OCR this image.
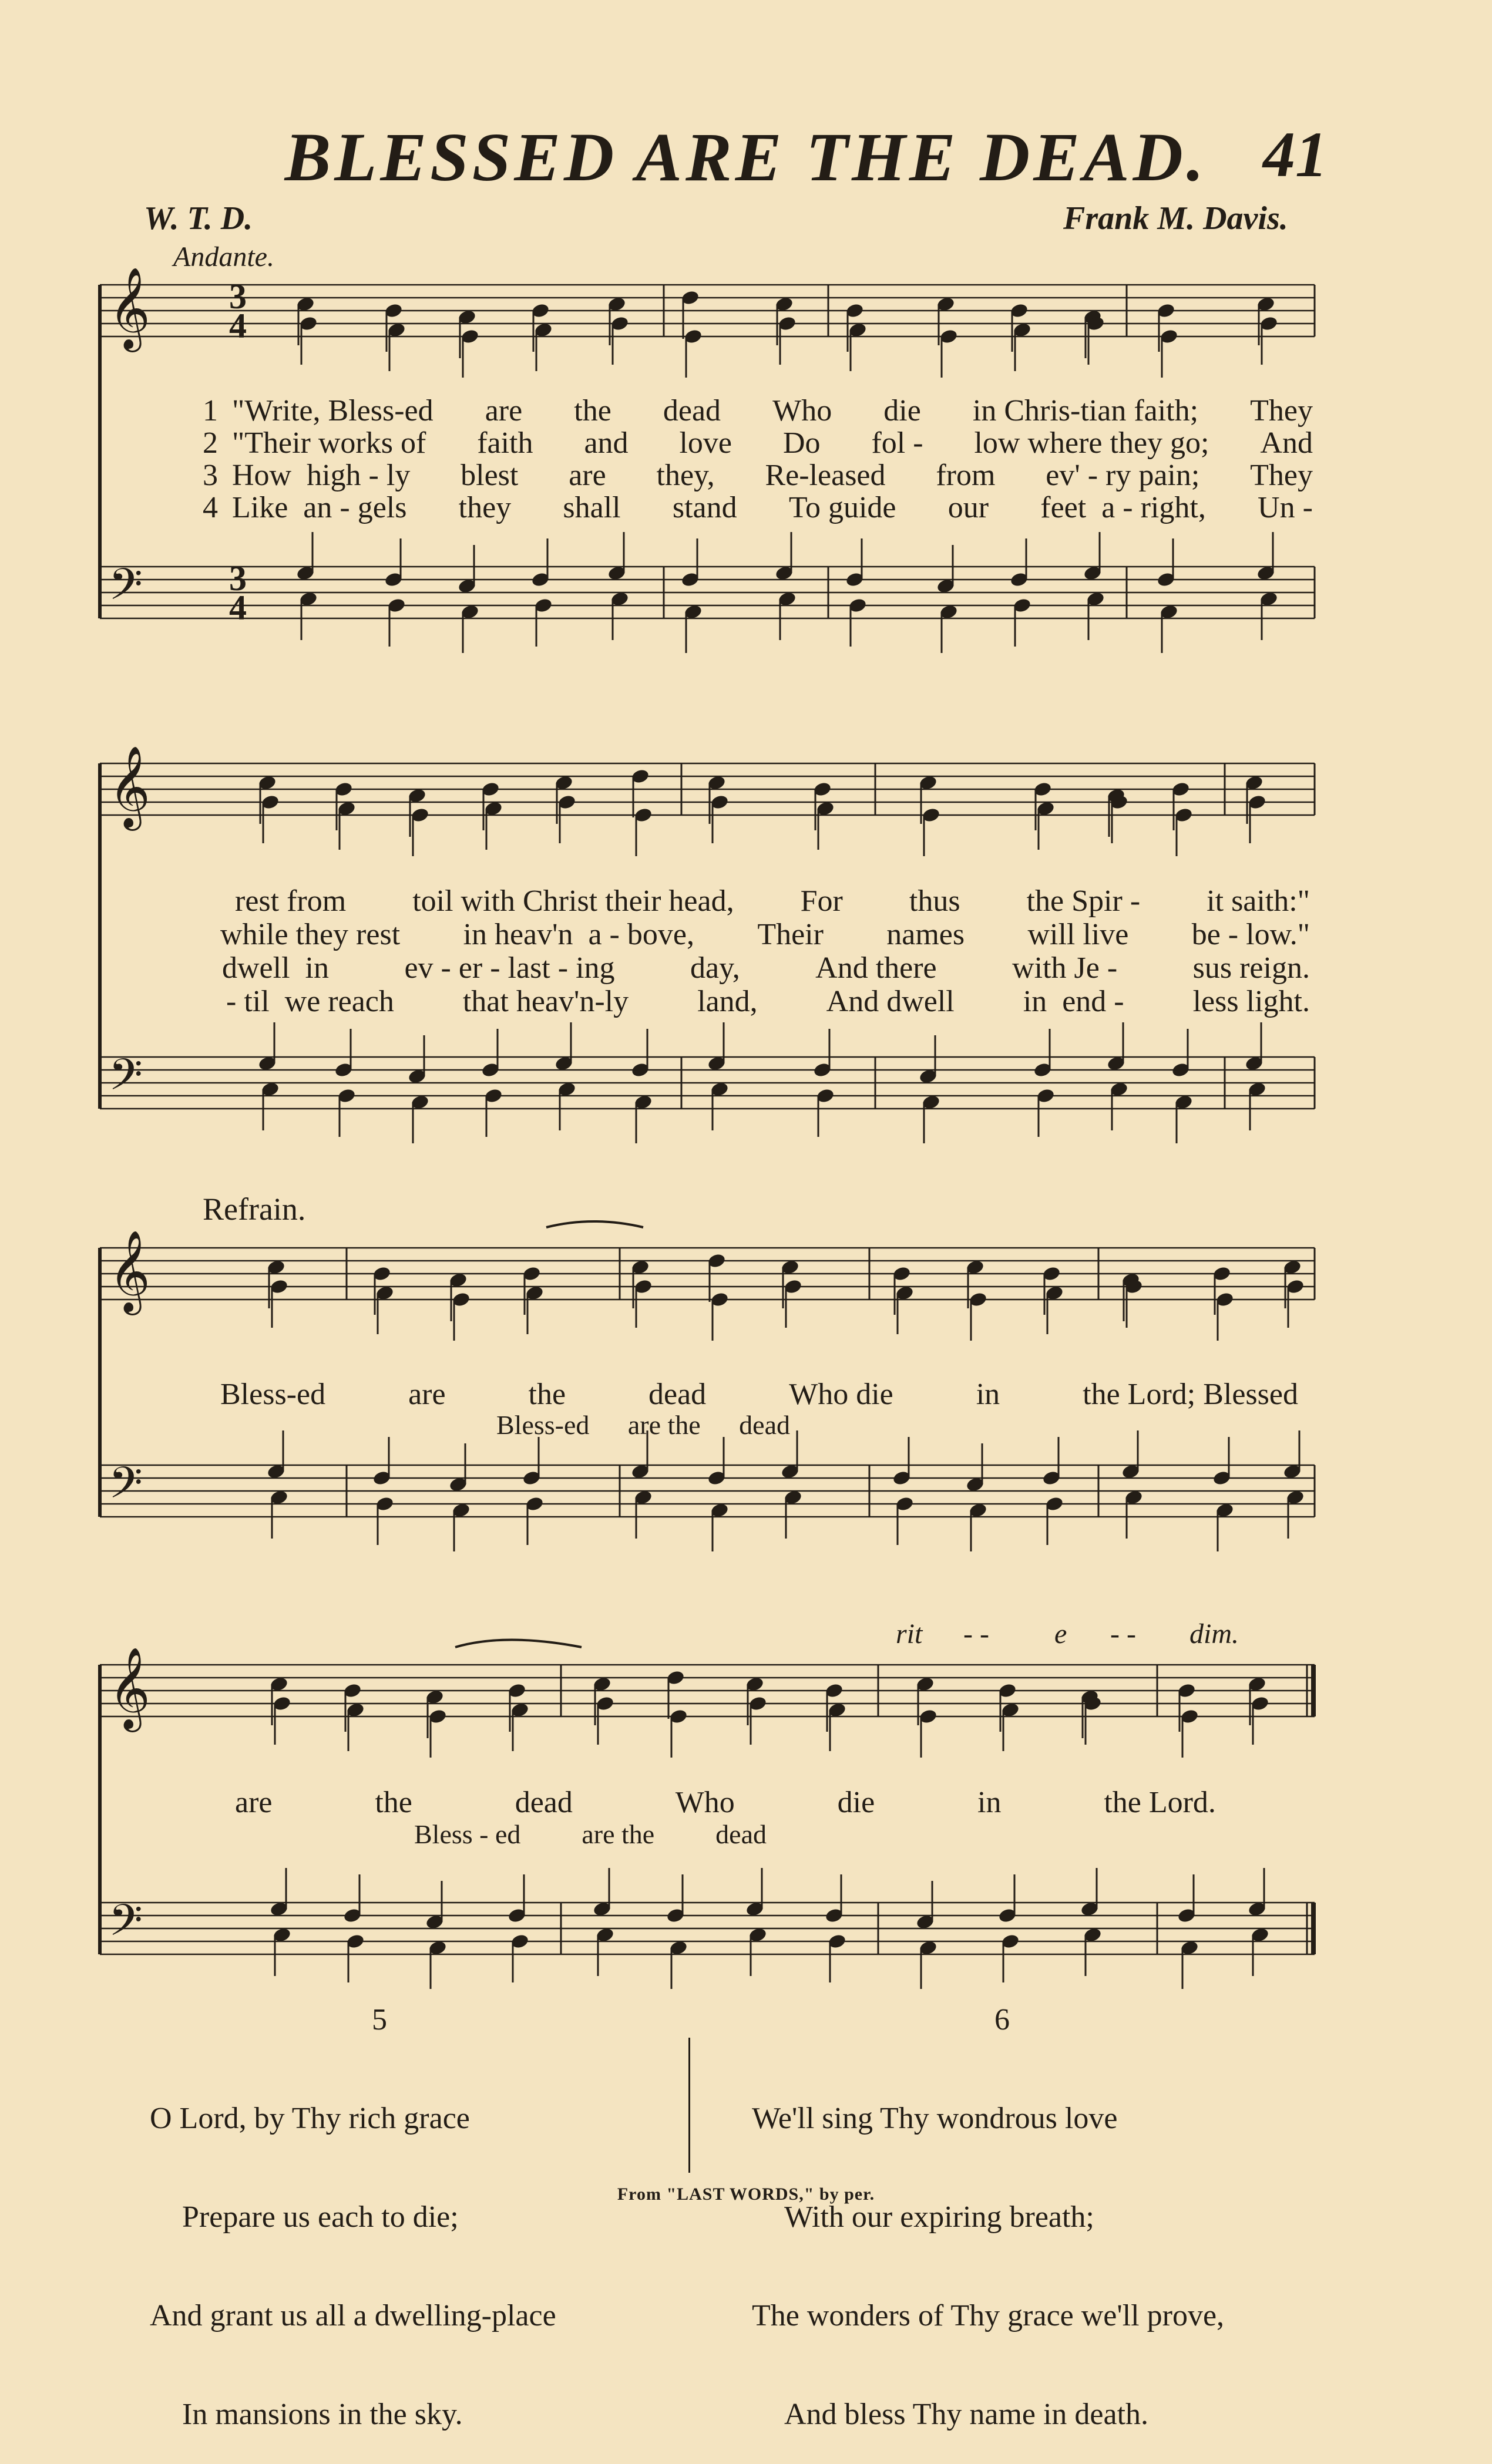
BLESSED ARE THE DEAD. 41
W. T. D.	Frank M. Davis.
Andante.
𝄞
𝄢
3
4
3
4
𝄞
𝄢
𝄞
𝄢
𝄞
𝄢
1
2
3
4
"Write, Bless-ed are the dead Who die in Chris-tian faith; They
"Their works of faith and love Do fol - low where they go; And
How  high - ly blest are they, Re-leased from ev' - ry pain; They
Like  an - gels they shall stand To guide our feet  a - right, Un -
rest from toil with Christ their head, For thus the Spir - it saith:"
while they rest in heav'n  a - bove, Their names will live be - low."
dwell  in ev - er - last - ing day, And there with Je - sus reign.
- til  we reach that heav'n-ly land, And dwell in  end - less light.
Refrain.
Bless-ed	are	the	dead	Who die	in	the Lord; Blessed
Bless-ed are the dead
rit - - e - - dim.
are	the	dead	Who	die	in	the Lord.
Bless - ed are the dead
5

O Lord, by Thy rich grace

Prepare us each to die;

And grant us all a dwelling-place

In mansions in the sky.

6

We'll sing Thy wondrous love

With our expiring breath;

The wonders of Thy grace we'll prove,

And bless Thy name in death.

From "LAST WORDS," by per.
